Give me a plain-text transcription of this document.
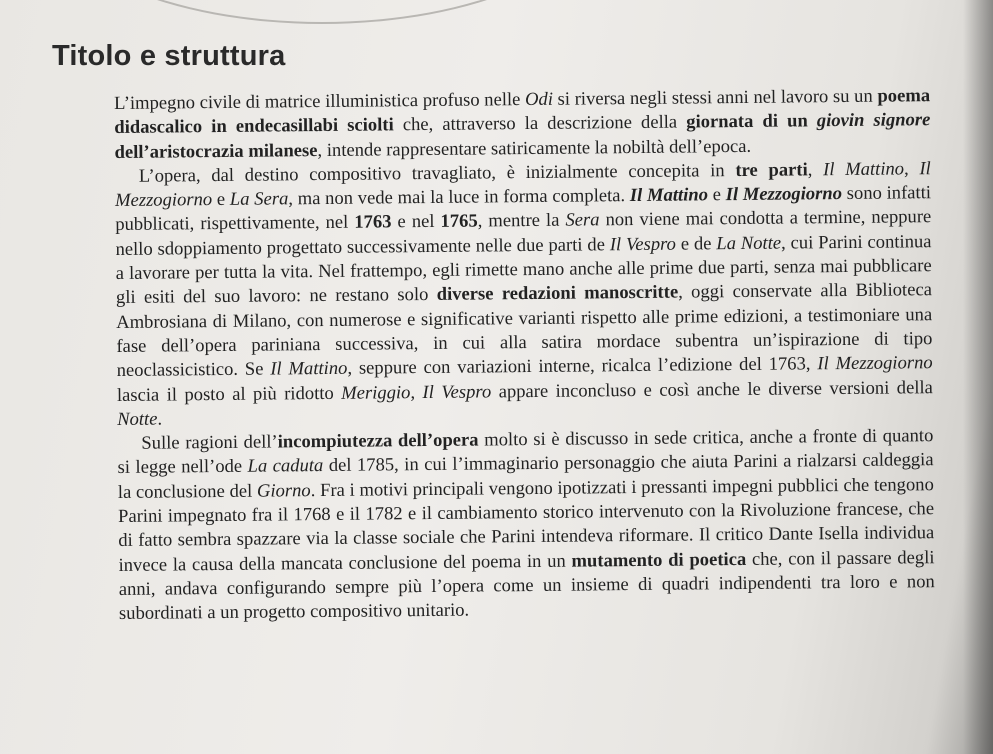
Titolo e struttura

L’impegno civile di matrice illuministica profuso nelle Odi si riversa negli stessi anni nel lavoro su un poema didascalico in endecasillabi sciolti che, attraverso la descrizione della giornata di un giovin signore dell’aristocrazia milanese, intende rappresentare satiricamente la nobiltà dell’epoca.

L’opera, dal destino compositivo travagliato, è inizialmente concepita in tre parti, Il Mattino, Il Mezzogiorno e La Sera, ma non vede mai la luce in forma completa. Il Mattino e Il Mezzogiorno sono infatti pubblicati, rispettivamente, nel 1763 e nel 1765, mentre la Sera non viene mai condotta a termine, neppure nello sdoppiamento progettato successivamente nelle due parti de Il Vespro e de La Notte, cui Parini continua a lavorare per tutta la vita. Nel frattempo, egli rimette mano anche alle prime due parti, senza mai pubblicare gli esiti del suo lavoro: ne restano solo diverse redazioni manoscritte, oggi conservate alla Biblioteca Ambrosiana di Milano, con numerose e significative varianti rispetto alle prime edizioni, a testimoniare una fase dell’opera pariniana successiva, in cui alla satira mordace subentra un’ispirazione di tipo neoclassicistico. Se Il Mattino, seppure con variazioni interne, ricalca l’edizione del 1763, Il Mezzogiorno lascia il posto al più ridotto Meriggio, Il Vespro appare inconcluso e così anche le diverse versioni della Notte.

Sulle ragioni dell’incompiutezza dell’opera molto si è discusso in sede critica, anche a fronte di quanto si legge nell’ode La caduta del 1785, in cui l’immaginario personaggio che aiuta Parini a rialzarsi caldeggia la conclusione del Giorno. Fra i motivi principali vengono ipotizzati i pressanti impegni pubblici che tengono Parini impegnato fra il 1768 e il 1782 e il cambiamento storico intervenuto con la Rivoluzione francese, che di fatto sembra spazzare via la classe sociale che Parini intendeva riformare. Il critico Dante Isella individua invece la causa della mancata conclusione del poema in un mutamento di poetica che, con il passare degli anni, andava configurando sempre più l’opera come un insieme di quadri indipendenti tra loro e non subordinati a un progetto compositivo unitario.
